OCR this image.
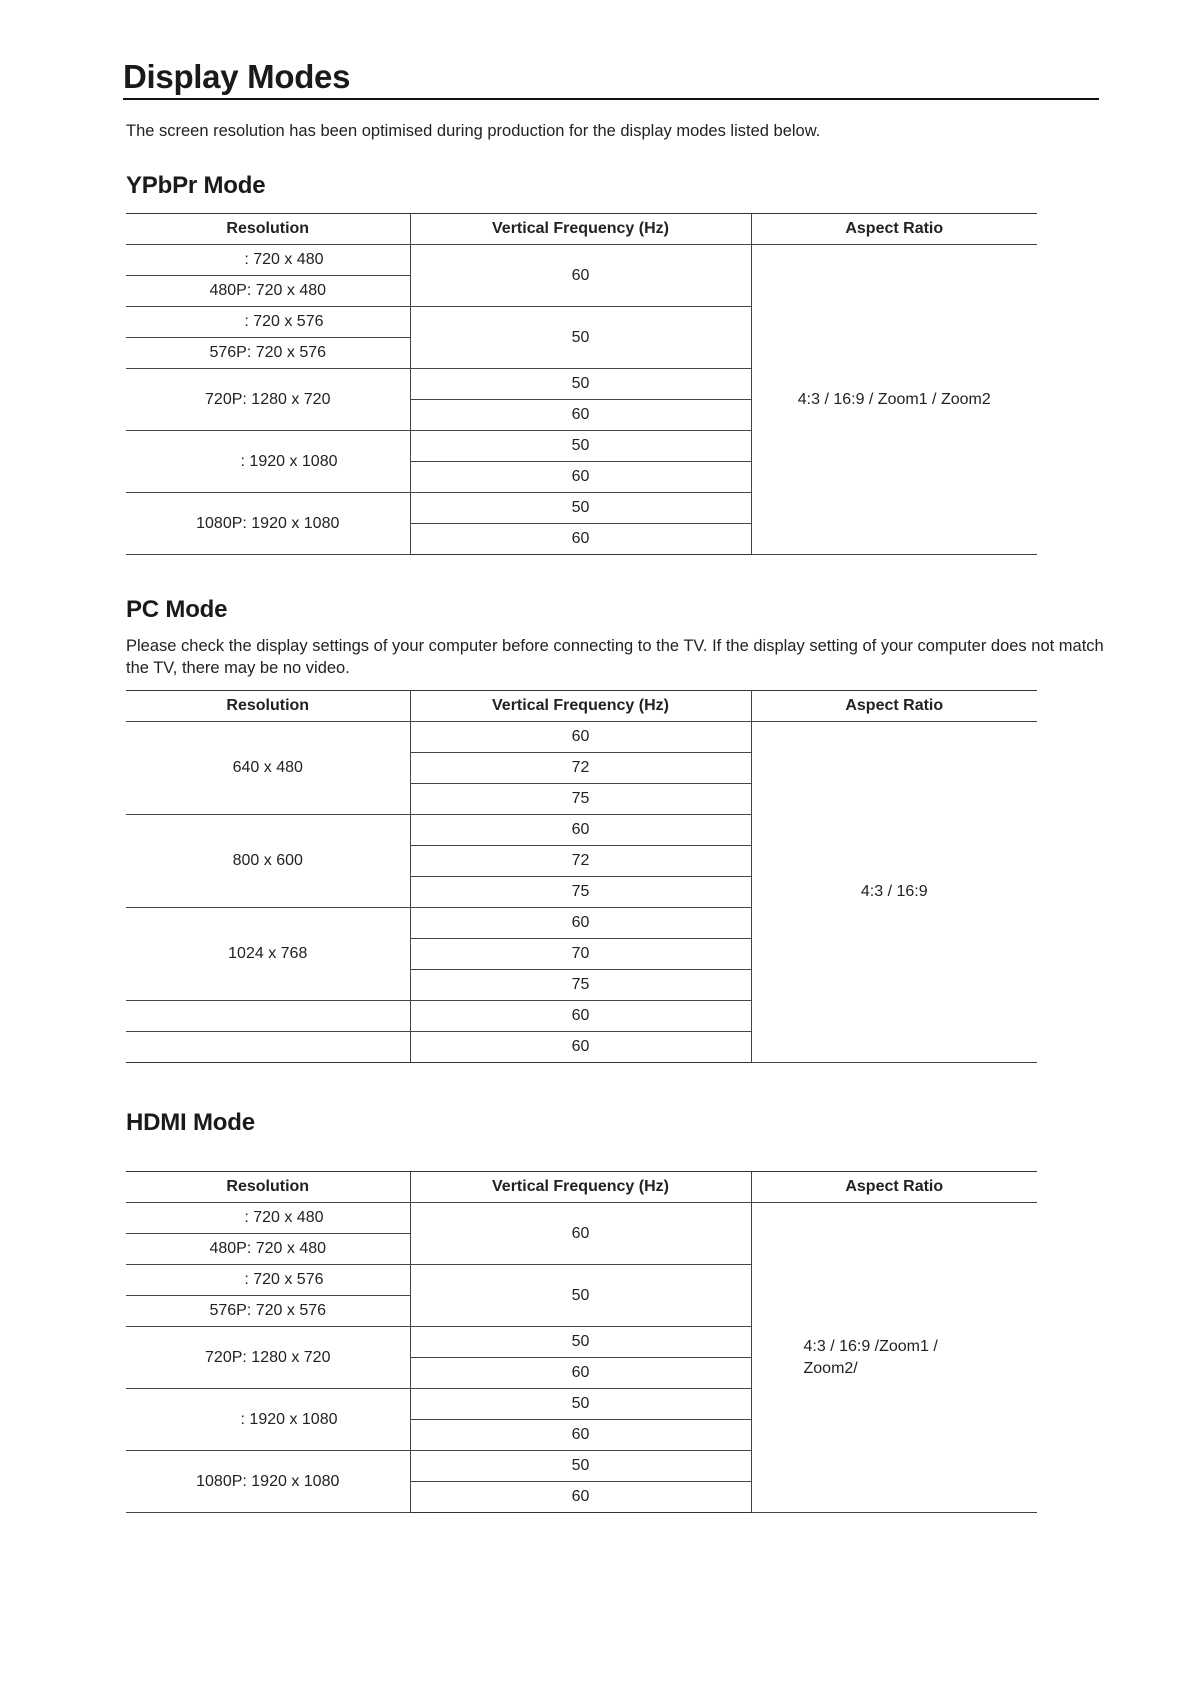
Display Modes
The screen resolution has been optimised during production for the display modes listed below.
YPbPr Mode
Resolution	Vertical Frequency (Hz)	Aspect Ratio
: 720 x 480	60	4:3 / 16:9 / Zoom1 / Zoom2
480P: 720 x 480		
: 720 x 576	50	
576P: 720 x 576		
720P: 1280 x 720	50	
	60	
: 1920 x 1080	50	
	60	
1080P: 1920 x 1080	50	
	60	
PC Mode
Please check the display settings of your computer before connecting to the TV. If the display setting of your computer does not match the TV, there may be no video.
Resolution	Vertical Frequency (Hz)	Aspect Ratio
640 x 480	60	4:3 / 16:9
	72	
	75	
800 x 600	60	
	72	
	75	
1024 x 768	60	
	70	
	75	
	60	
	60	
HDMI Mode
Resolution	Vertical Frequency (Hz)	Aspect Ratio
: 720 x 480	60	4:3 / 16:9 /Zoom1 /
Zoom2/

480P: 720 x 480		
: 720 x 576	50	
576P: 720 x 576		
720P: 1280 x 720	50	
	60	
: 1920 x 1080	50	
	60	
1080P: 1920 x 1080	50	
	60	
